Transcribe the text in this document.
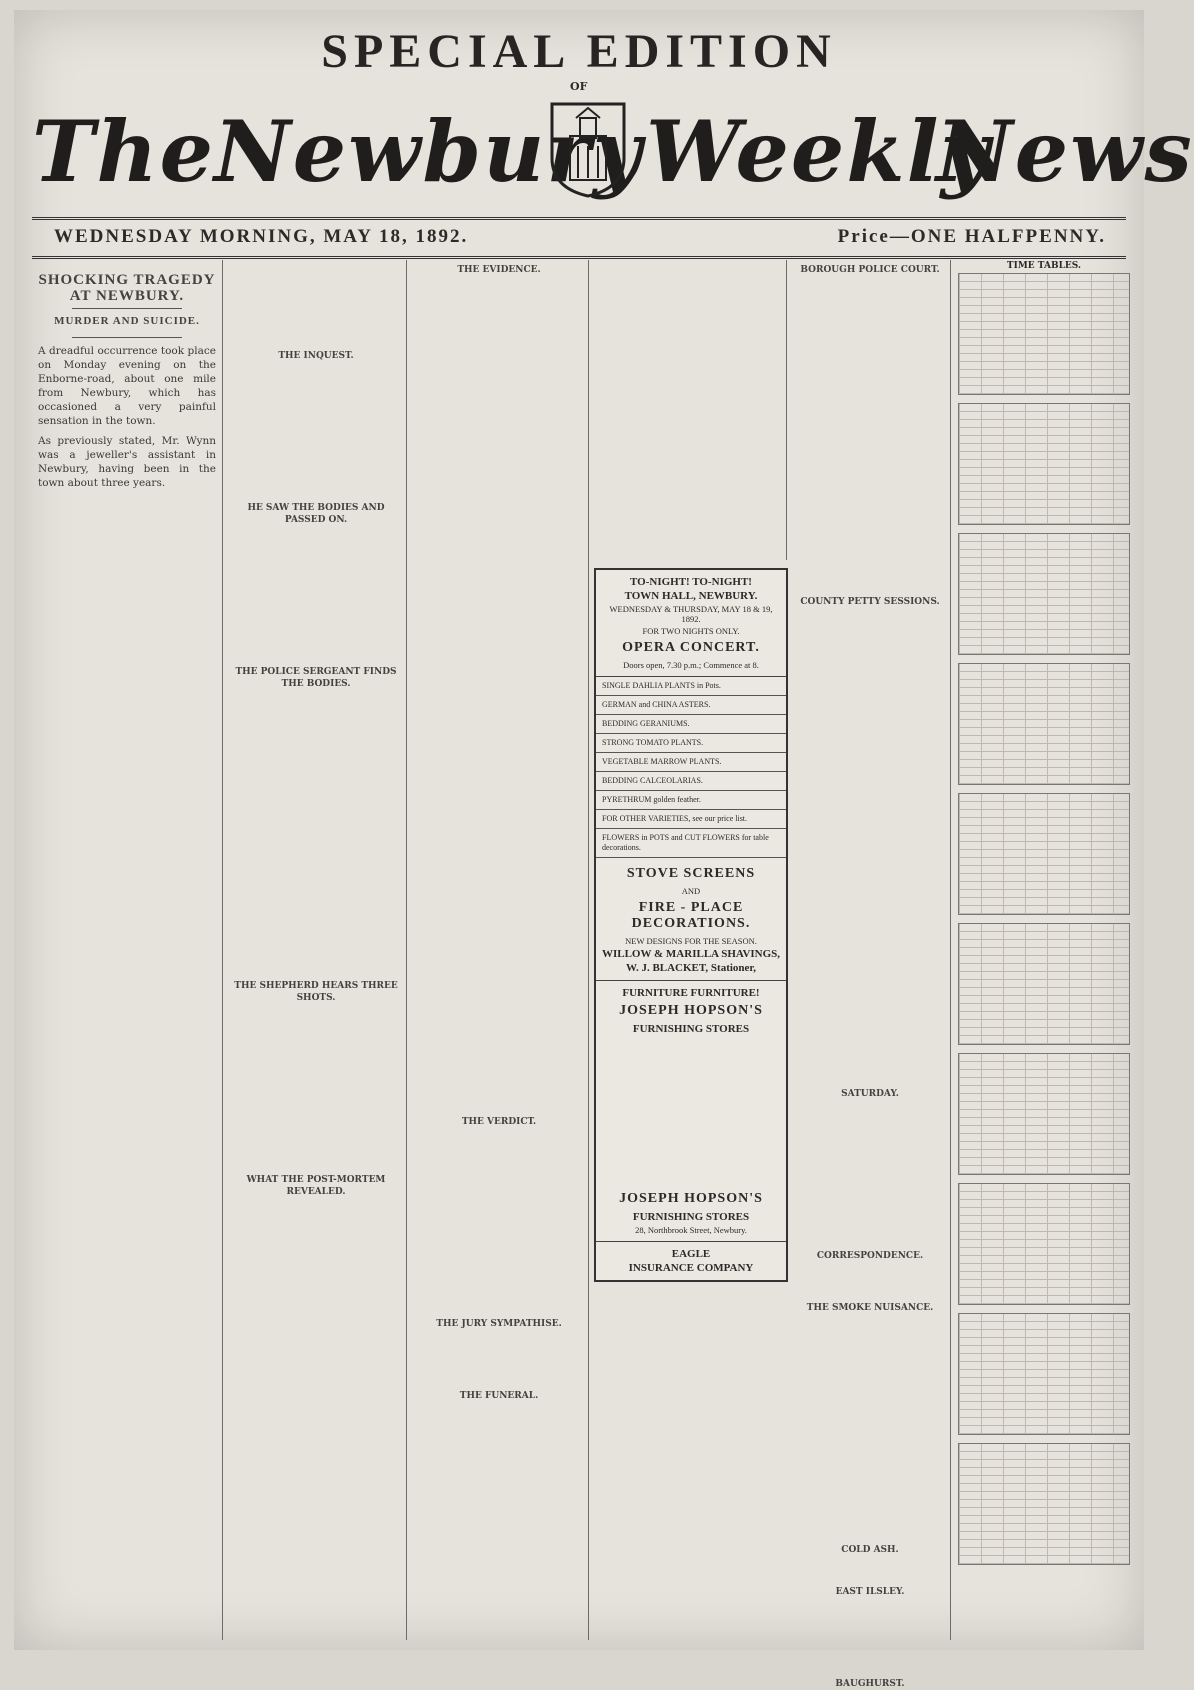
SPECIAL EDITION
OF
The
Newbury Weekly
News
WEDNESDAY MORNING, MAY 18, 1892.	Price—ONE HALFPENNY.
SHOCKING TRAGEDY
AT NEWBURY.
MURDER AND SUICIDE.

A dreadful occurrence took place on Monday evening on the Enborne-road, about one mile from Newbury, which has occasioned a very painful sensation in the town.

As previously stated, Mr. Wynn was a jeweller's assistant in Newbury, having been in the town about three years.

THE INQUEST.
HE SAW THE BODIES AND PASSED ON.
THE POLICE SERGEANT FINDS THE BODIES.
THE SHEPHERD HEARS THREE SHOTS.
WHAT THE POST-MORTEM REVEALED.
THE EVIDENCE.
THE VERDICT.
THE JURY SYMPATHISE.
THE FUNERAL.
TO-NIGHT! TO-NIGHT!
TOWN HALL, NEWBURY.
WEDNESDAY & THURSDAY, MAY 18 & 19, 1892.
FOR TWO NIGHTS ONLY.
OPERA CONCERT.
Doors open, 7.30 p.m.; Commence at 8.
SINGLE DAHLIA PLANTS in Pots.
GERMAN and CHINA ASTERS.
BEDDING GERANIUMS.
STRONG TOMATO PLANTS.
VEGETABLE MARROW PLANTS.
BEDDING CALCEOLARIAS.
PYRETHRUM golden feather.
FOR OTHER VARIETIES, see our price list.
FLOWERS in POTS and CUT FLOWERS for table decorations.
STOVE SCREENS
AND
FIRE - PLACE DECORATIONS.
NEW DESIGNS FOR THE SEASON.
WILLOW & MARILLA SHAVINGS,
W. J. BLACKET, Stationer,
FURNITURE FURNITURE!
JOSEPH HOPSON'S
FURNISHING STORES
JOSEPH HOPSON'S
FURNISHING STORES
28, Northbrook Street, Newbury.
EAGLE
INSURANCE COMPANY
BOROUGH POLICE COURT.
COUNTY PETTY SESSIONS.
SATURDAY.
CORRESPONDENCE.
THE SMOKE NUISANCE.
COLD ASH.
EAST ILSLEY.
BAUGHURST.
TIME TABLES.
